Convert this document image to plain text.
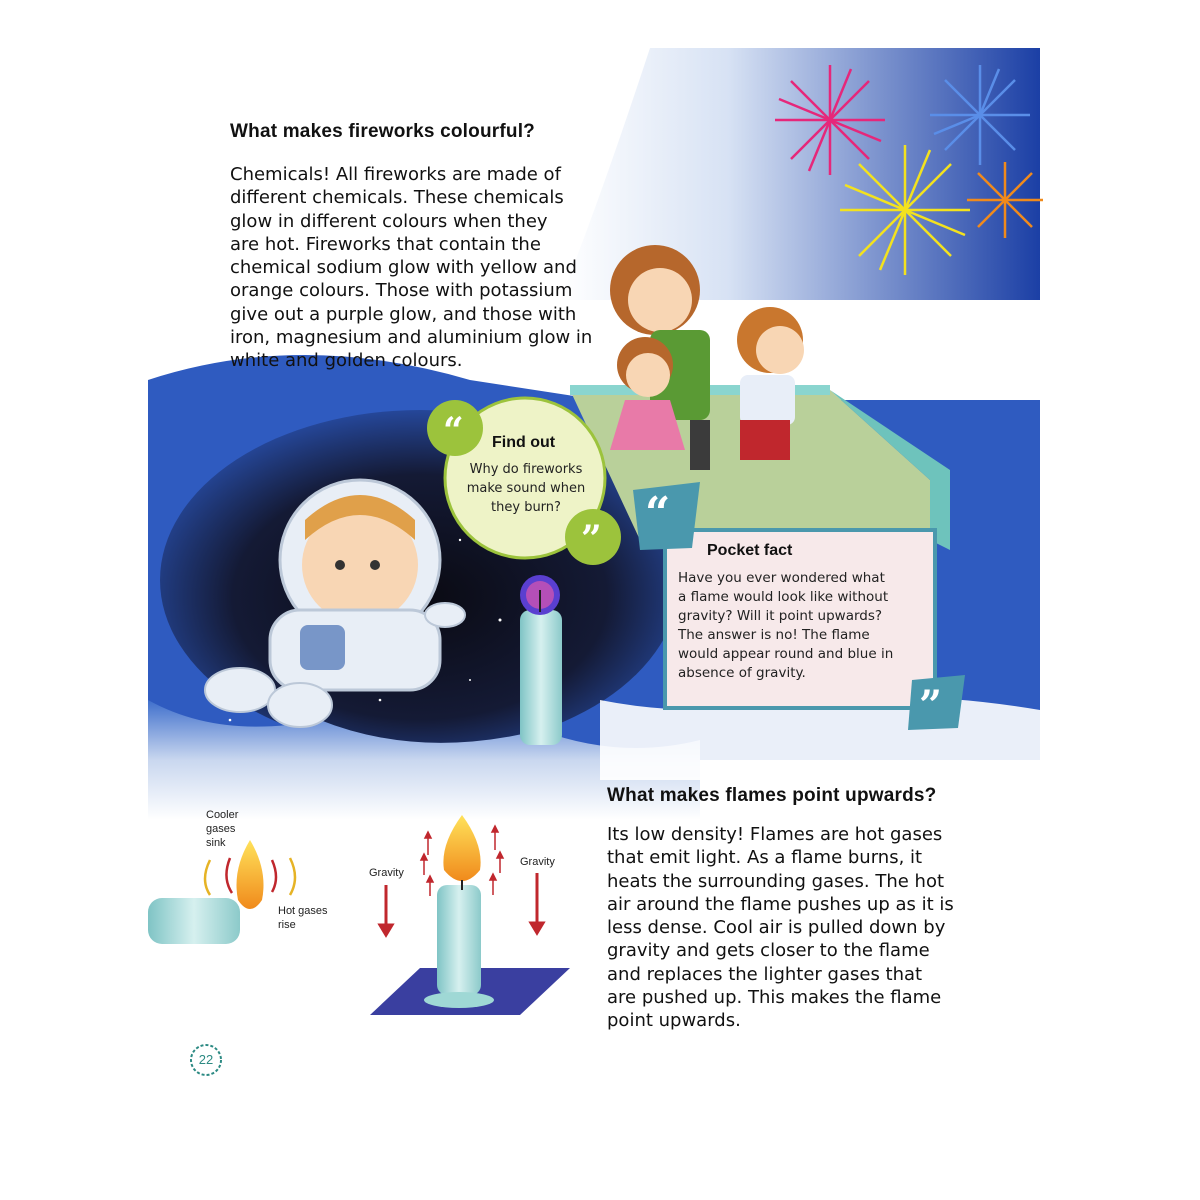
What makes fireworks colourful?
Chemicals! All fireworks are made of
different chemicals. These chemicals
glow in different colours when they
are hot. Fireworks that contain the
chemical sodium glow with yellow and
orange colours. Those with potassium
give out a purple glow, and those with
iron, magnesium and aluminium glow in
white and golden colours.
“ Find out
Why do fireworks
make sound when
they burn?
” “
Pocket fact
Have you ever wondered what
a flame would look like without
gravity? Will it point upwards?
The answer is no! The flame
would appear round and blue in
absence of gravity.
”
Cooler
gases
sink
Hot gases
rise
Gravity
Gravity
What makes flames point upwards?
Its low density! Flames are hot gases
that emit light. As a flame burns, it
heats the surrounding gases. The hot
air around the flame pushes up as it is
less dense. Cool air is pulled down by
gravity and gets closer to the flame
and replaces the lighter gases that
are pushed up. This makes the flame
point upwards.
22
